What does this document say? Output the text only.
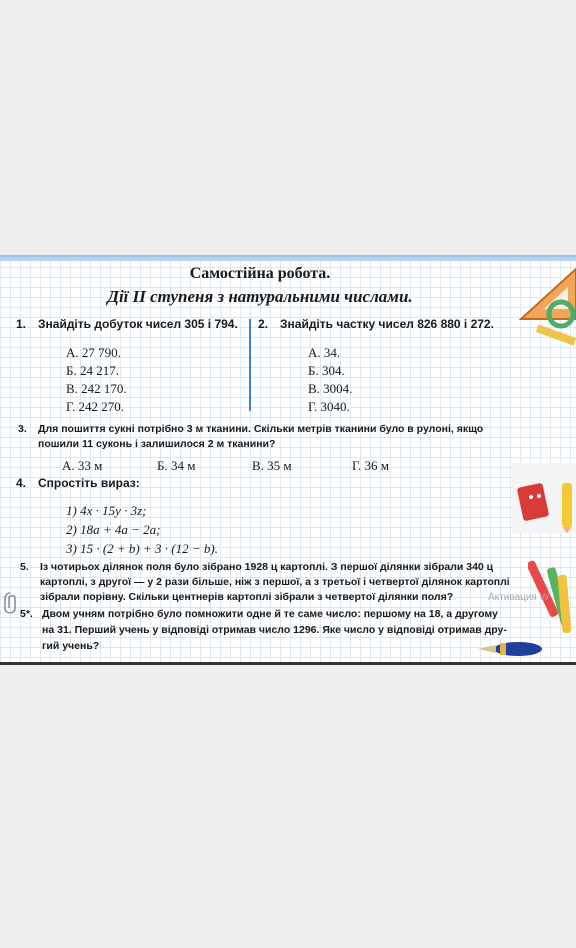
Самостійна робота.
Дії II ступеня з натуральними числами.
1. Знайдіть добуток чисел 305 і 794.
А. 27 790.
Б. 24 217.
В. 242 170.
Г. 242 270.
2. Знайдіть частку чисел 826 880 і 272.
А. 34.
Б. 304.
В. 3004.
Г. 3040.
3. Для пошиття сукні потрібно 3 м тканини. Скільки метрів тканини було в рулоні, якщо
пошили 11 суконь і залишилося 2 м тканини?
А. 33 м	Б. 34 м	В. 35 м	Г. 36 м
4. Спростіть вираз:
1) 4x · 15y · 3z;
2) 18a + 4a − 2a;
3) 15 · (2 + b) + 3 · (12 − b).
5. Із чотирьох ділянок поля було зібрано 1928 ц картоплі. З першої ділянки зібрали 340 ц
картоплі, з другої — у 2 рази більше, ніж з першої, а з третьої і четвертої ділянок картоплі
зібрали порівну. Скільки центнерів картоплі зібрали з четвертої ділянки поля?
5*. Двом учням потрібно було помножити одне й те саме число: першому на 18, а другому
на 31. Перший учень у відповіді отримав число 1296. Яке число у відповіді отримав дру-
гий учень?
Активация W
